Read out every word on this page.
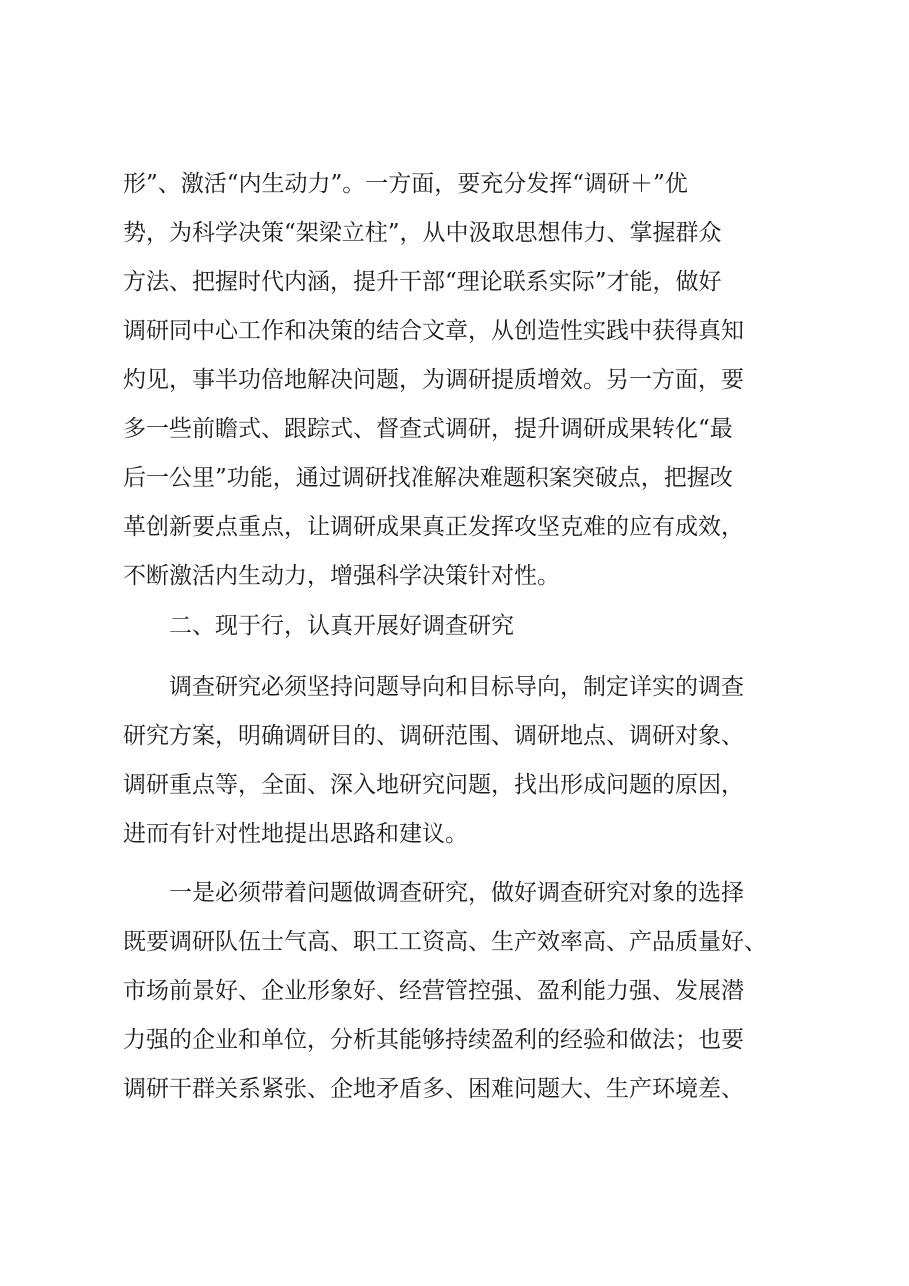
形”、激活“内生动力”。一方面，要充分发挥“调研＋”优

势，为科学决策“架梁立柱”，从中汲取思想伟力、掌握群众

方法、把握时代内涵，提升干部“理论联系实际”才能，做好

调研同中心工作和决策的结合文章，从创造性实践中获得真知

灼见，事半功倍地解决问题，为调研提质增效。另一方面，要

多一些前瞻式、跟踪式、督查式调研，提升调研成果转化“最

后一公里”功能，通过调研找准解决难题积案突破点，把握改

革创新要点重点，让调研成果真正发挥攻坚克难的应有成效，

不断激活内生动力，增强科学决策针对性。

二、现于行，认真开展好调查研究

调查研究必须坚持问题导向和目标导向，制定详实的调查

研究方案，明确调研目的、调研范围、调研地点、调研对象、

调研重点等，全面、深入地研究问题，找出形成问题的原因，

进而有针对性地提出思路和建议。

一是必须带着问题做调查研究，做好调查研究对象的选择

既要调研队伍士气高、职工工资高、生产效率高、产品质量好、

市场前景好、企业形象好、经营管控强、盈利能力强、发展潜

力强的企业和单位，分析其能够持续盈利的经验和做法；也要

调研干群关系紧张、企地矛盾多、困难问题大、生产环境差、
